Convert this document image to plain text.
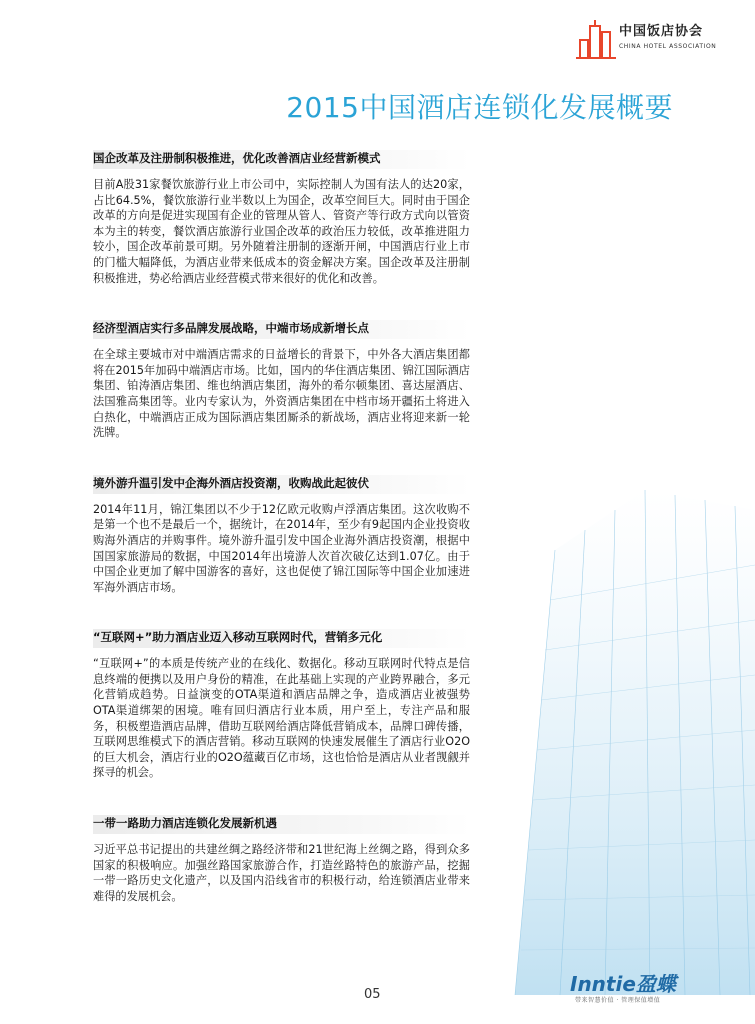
中国饭店协会
CHINA HOTEL ASSOCIATION
2015中国酒店连锁化发展概要
国企改革及注册制积极推进，优化改善酒店业经营新模式
目前A股31家餐饮旅游行业上市公司中，实际控制人为国有法人的达20家，占比64.5%，餐饮旅游行业半数以上为国企，改革空间巨大。同时由于国企改革的方向是促进实现国有企业的管理从管人、管资产等行政方式向以管资本为主的转变，餐饮酒店旅游行业国企改革的政治压力较低，改革推进阻力较小，国企改革前景可期。另外随着注册制的逐渐开闸，中国酒店行业上市的门槛大幅降低，为酒店业带来低成本的资金解决方案。国企改革及注册制积极推进，势必给酒店业经营模式带来很好的优化和改善。
经济型酒店实行多品牌发展战略，中端市场成新增长点
在全球主要城市对中端酒店需求的日益增长的背景下，中外各大酒店集团都将在2015年加码中端酒店市场。比如，国内的华住酒店集团、锦江国际酒店集团、铂涛酒店集团、维也纳酒店集团，海外的希尔顿集团、喜达屋酒店、法国雅高集团等。业内专家认为，外资酒店集团在中档市场开疆拓土将进入白热化，中端酒店正成为国际酒店集团厮杀的新战场，酒店业将迎来新一轮洗牌。
境外游升温引发中企海外酒店投资潮，收购战此起彼伏
2014年11月，锦江集团以不少于12亿欧元收购卢浮酒店集团。这次收购不是第一个也不是最后一个，据统计，在2014年，至少有9起国内企业投资收购海外酒店的并购事件。境外游升温引发中国企业海外酒店投资潮，根据中国国家旅游局的数据，中国2014年出境游人次首次破亿达到1.07亿。由于中国企业更加了解中国游客的喜好，这也促使了锦江国际等中国企业加速进军海外酒店市场。
“互联网+”助力酒店业迈入移动互联网时代，营销多元化
“互联网+”的本质是传统产业的在线化、数据化。移动互联网时代特点是信息终端的便携以及用户身份的精准，在此基础上实现的产业跨界融合，多元化营销成趋势。日益演变的OTA渠道和酒店品牌之争，造成酒店业被强势OTA渠道绑架的困境。唯有回归酒店行业本质，用户至上，专注产品和服务，积极塑造酒店品牌，借助互联网给酒店降低营销成本，品牌口碑传播，互联网思维模式下的酒店营销。移动互联网的快速发展催生了酒店行业O2O的巨大机会，酒店行业的O2O蕴藏百亿市场，这也恰恰是酒店从业者觊觎并探寻的机会。
一带一路助力酒店连锁化发展新机遇
习近平总书记提出的共建丝绸之路经济带和21世纪海上丝绸之路，得到众多国家的积极响应。加强丝路国家旅游合作，打造丝路特色的旅游产品，挖掘一带一路历史文化遗产，以及国内沿线省市的积极行动，给连锁酒店业带来难得的发展机会。
05	Inntie盈蝶
带来智慧价值 · 管理保值增值
